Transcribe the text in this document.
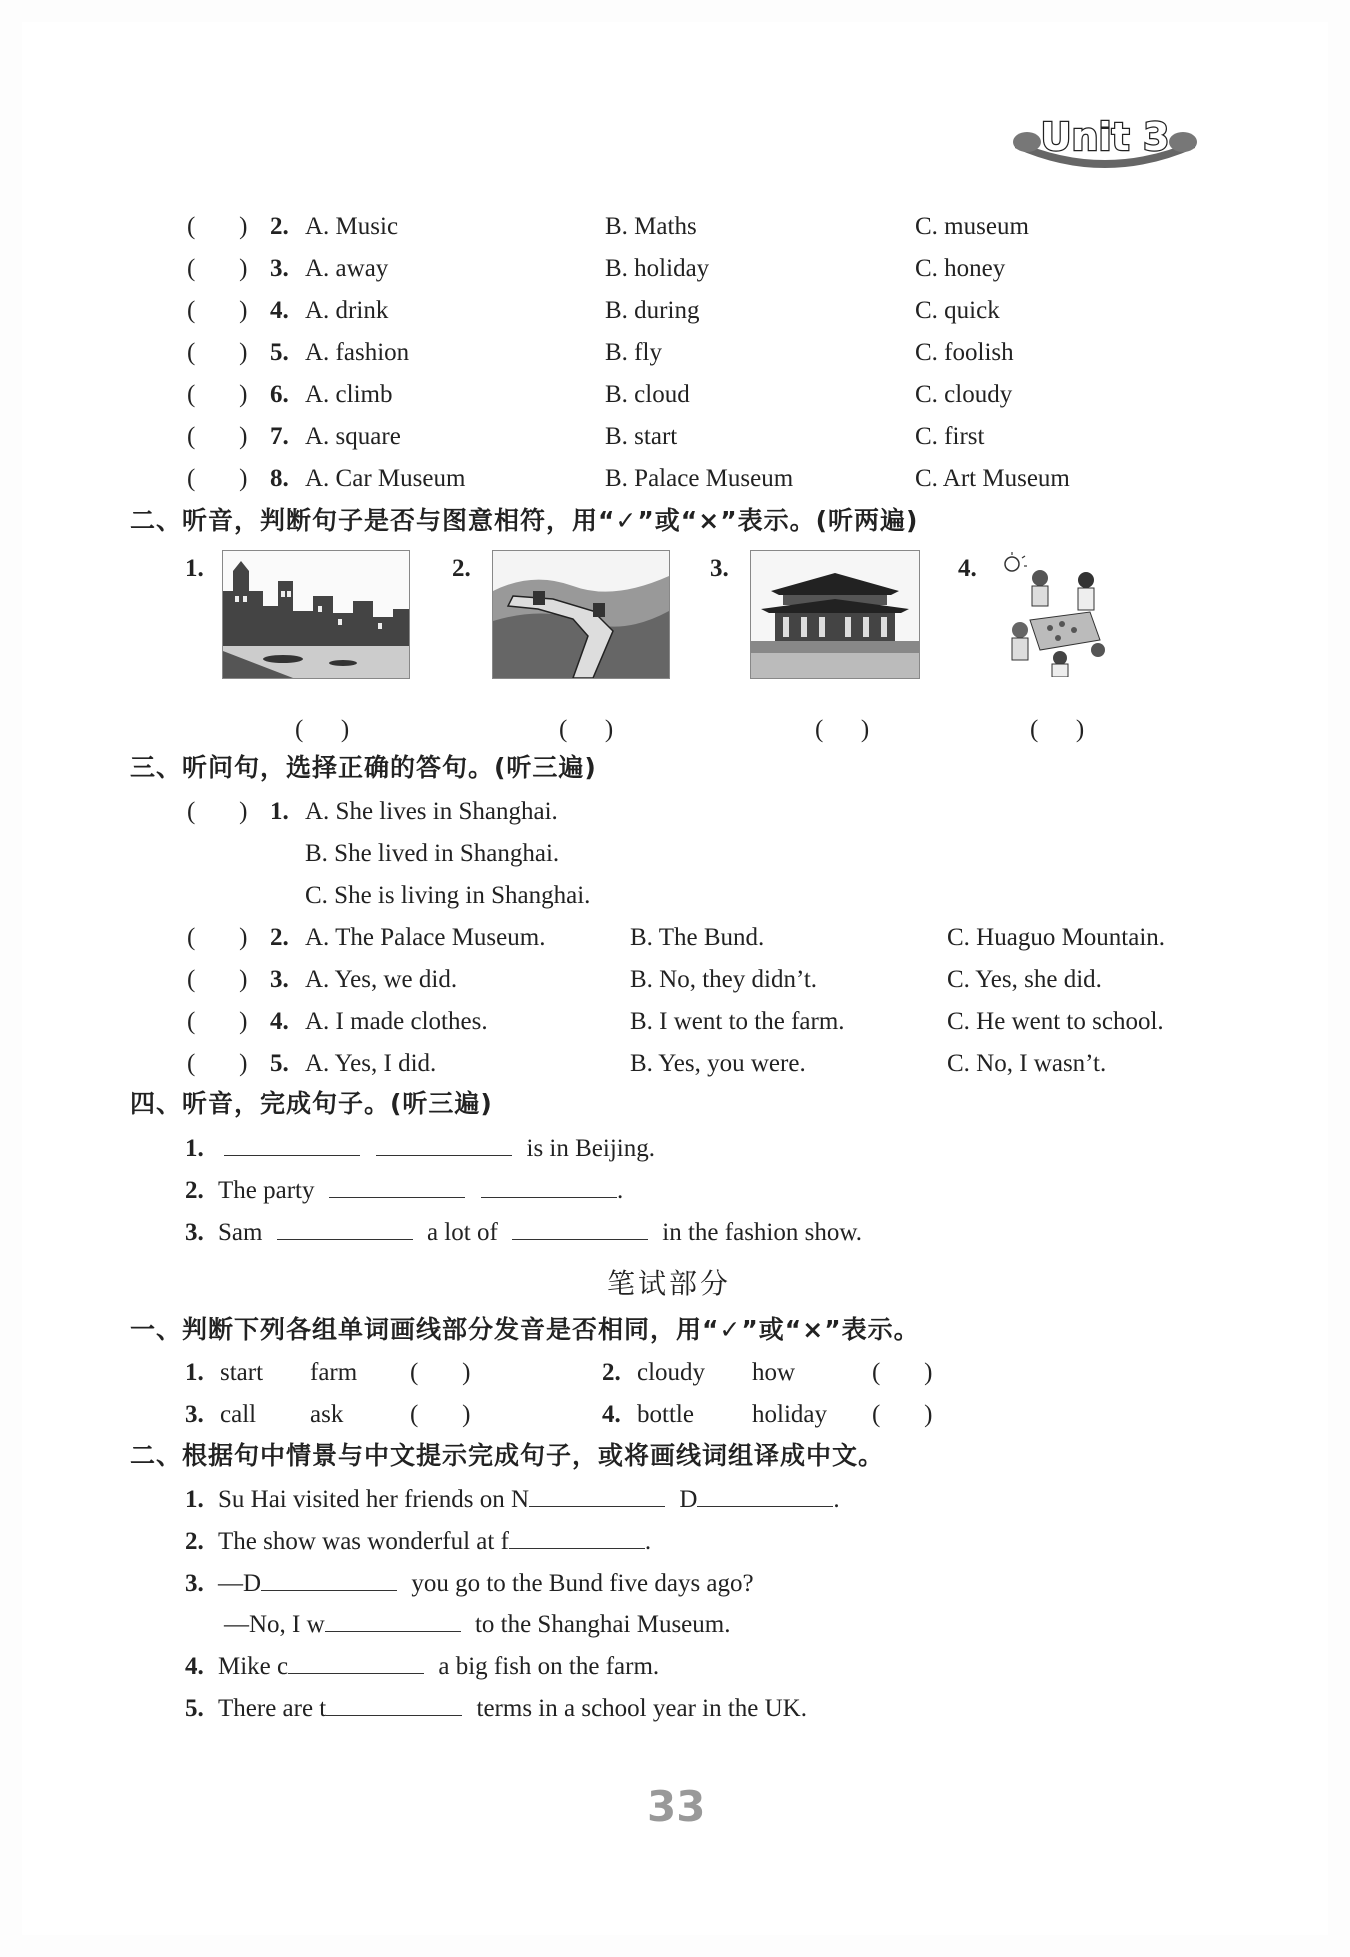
Unit 3
(       ) 2. A. Music	B. Maths	C. museum
(       ) 3. A. away	B. holiday	C. honey
(       ) 4. A. drink	B. during	C. quick
(       ) 5. A. fashion	B. fly	C. foolish
(       ) 6. A. climb	B. cloud	C. cloudy
(       ) 7. A. square	B. start	C. first
(       ) 8. A. Car Museum	B. Palace Museum	C. Art Museum
二、听音，判断句子是否与图意相符，用“✓”或“×”表示。(听两遍)
1.	2.	3.	4.
(      )	(      )	(      )	(      )
三、听问句，选择正确的答句。(听三遍)
(       ) 1. A. She lives in Shanghai.
B. She lived in Shanghai.
C. She is living in Shanghai.
(       ) 2. A. The Palace Museum.	B. The Bund.	C. Huaguo Mountain.
(       ) 3. A. Yes, we did.	B. No, they didn’t.	C. Yes, she did.
(       ) 4. A. I made clothes.	B. I went to the farm.	C. He went to school.
(       ) 5. A. Yes, I did.	B. Yes, you were.	C. No, I wasn’t.
四、听音，完成句子。(听三遍)
1.	is in Beijing.
2. The party	.
3. Sam	a lot of	in the fashion show.
笔试部分
一、判断下列各组单词画线部分发音是否相同，用“✓”或“×”表示。
1. start farm (       )	2. cloudy how	(       )
3. call ask	(       )	4. bottle holiday (       )
二、根据句中情景与中文提示完成句子，或将画线词组译成中文。
1. Su Hai visited her friends on N	D	.
2. The show was wonderful at f	.
3. —D	you go to the Bund five days ago?
—No, I w	to the Shanghai Museum.
4. Mike c	a big fish on the farm.
5. There are t	terms in a school year in the UK.
33
